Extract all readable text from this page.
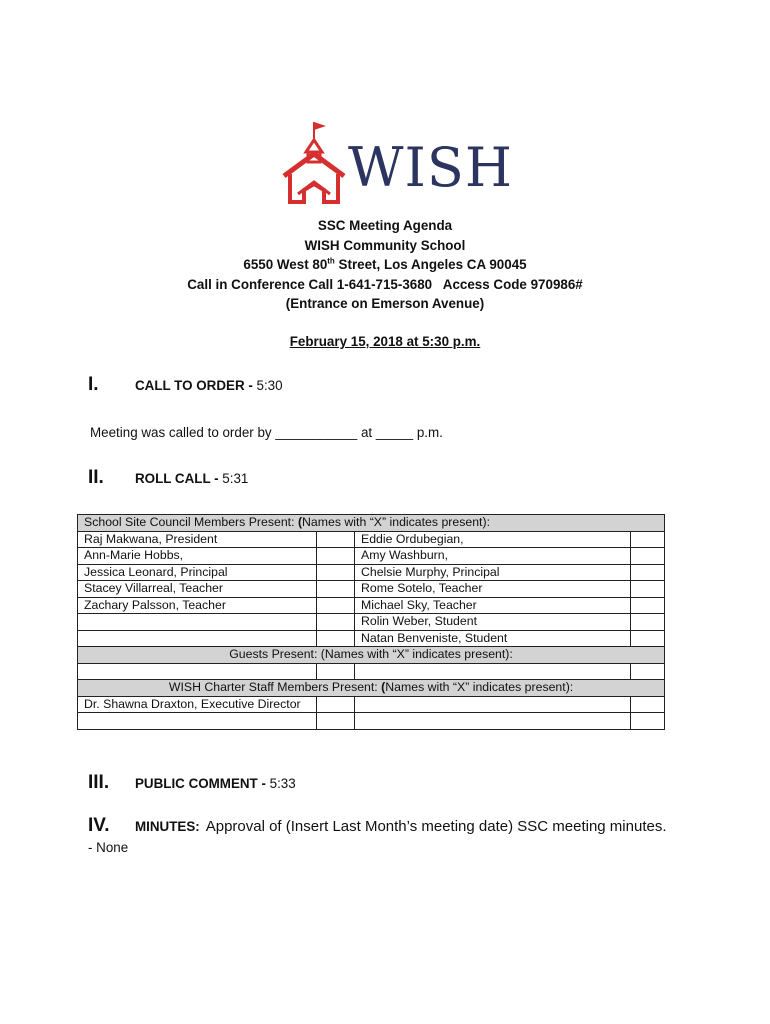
WISH
SSC Meeting Agenda
WISH Community School
6550 West 80th Street, Los Angeles CA 90045
Call in Conference Call 1-641-715-3680   Access Code 970986#
(Entrance on Emerson Avenue)
February 15, 2018 at 5:30 p.m.
I.	CALL TO ORDER - 5:30
Meeting was called to order by ___________ at _____ p.m.
II.	ROLL CALL - 5:31
School Site Council Members Present: (Names with “X” indicates present):			
Raj Makwana, President		Eddie Ordubegian,	
Ann-Marie Hobbs,		Amy Washburn,	
Jessica Leonard, Principal		Chelsie Murphy, Principal	
Stacey Villarreal, Teacher		Rome Sotelo, Teacher	
Zachary Palsson, Teacher		Michael Sky, Teacher	
		Rolin Weber, Student	
		Natan Benveniste, Student	
Guests Present: (Names with “X” indicates present):			

WISH Charter Staff Members Present: (Names with “X” indicates present):			
Dr. Shawna Draxton, Executive Director			

III.	PUBLIC COMMENT - 5:33
IV.	MINUTES: Approval of (Insert Last Month’s meeting date) SSC meeting minutes.
- None
